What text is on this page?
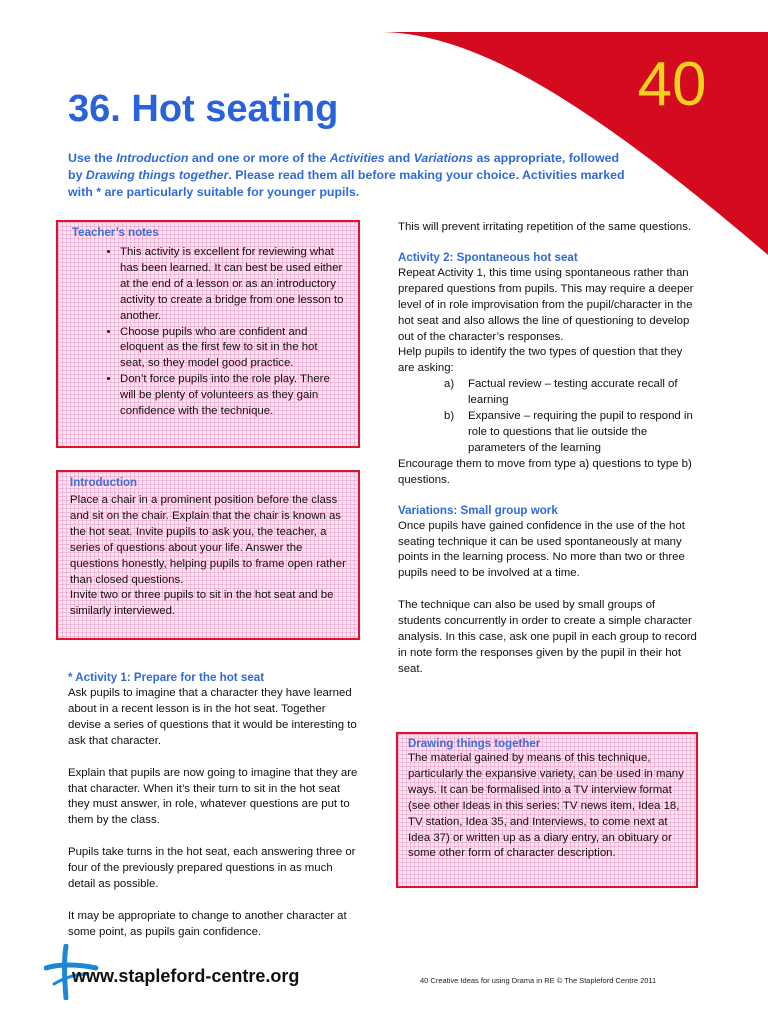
40
36. Hot seating
Use the Introduction and one or more of the Activities and Variations as appropriate, followed by Drawing things together. Please read them all before making your choice. Activities marked with * are particularly suitable for younger pupils.
Teacher’s notes
• This activity is excellent for reviewing what has been learned. It can best be used either at the end of a lesson or as an introductory activity to create a bridge from one lesson to another.
• Choose pupils who are confident and eloquent as the first few to sit in the hot seat, so they model good practice.
• Don’t force pupils into the role play. There will be plenty of volunteers as they gain confidence with the technique.
Introduction
Place a chair in a prominent position before the class and sit on the chair. Explain that the chair is known as the hot seat. Invite pupils to ask you, the teacher, a series of questions about your life. Answer the questions honestly, helping pupils to frame open rather than closed questions.
Invite two or three pupils to sit in the hot seat and be similarly interviewed.
* Activity 1: Prepare for the hot seat

Ask pupils to imagine that a character they have learned about in a recent lesson is in the hot seat. Together devise a series of questions that it would be interesting to ask that character.

Explain that pupils are now going to imagine that they are that character. When it’s their turn to sit in the hot seat they must answer, in role, whatever questions are put to them by the class.

Pupils take turns in the hot seat, each answering three or four of the previously prepared questions in as much detail as possible.

It may be appropriate to change to another character at some point, as pupils gain confidence.

This will prevent irritating repetition of the same questions.

Activity 2: Spontaneous hot seat

Repeat Activity 1, this time using spontaneous rather than prepared questions from pupils. This may require a deeper level of in role improvisation from the pupil/character in the hot seat and also allows the line of questioning to develop out of the character’s responses.

Help pupils to identify the two types of question that they are asking:

a)	Factual review – testing accurate recall of learning
b)	Expansive – requiring the pupil to respond in role to questions that lie outside the parameters of the learning

Encourage them to move from type a) questions to type b) questions.

Variations: Small group work

Once pupils have gained confidence in the use of the hot seating technique it can be used spontaneously at many points in the learning process. No more than two or three pupils need to be involved at a time.

The technique can also be used by small groups of students concurrently in order to create a simple character analysis. In this case, ask one pupil in each group to record in note form the responses given by the pupil in their hot seat.

Drawing things together
The material gained by means of this technique, particularly the expansive variety, can be used in many ways. It can be formalised into a TV interview format (see other Ideas in this series: TV news item, Idea 18, TV station, Idea 35, and Interviews, to come next at Idea 37) or written up as a diary entry, an obituary or some other form of character description.
www.stapleford-centre.org	40 Creative Ideas for using Drama in RE © The Stapleford Centre 2011
